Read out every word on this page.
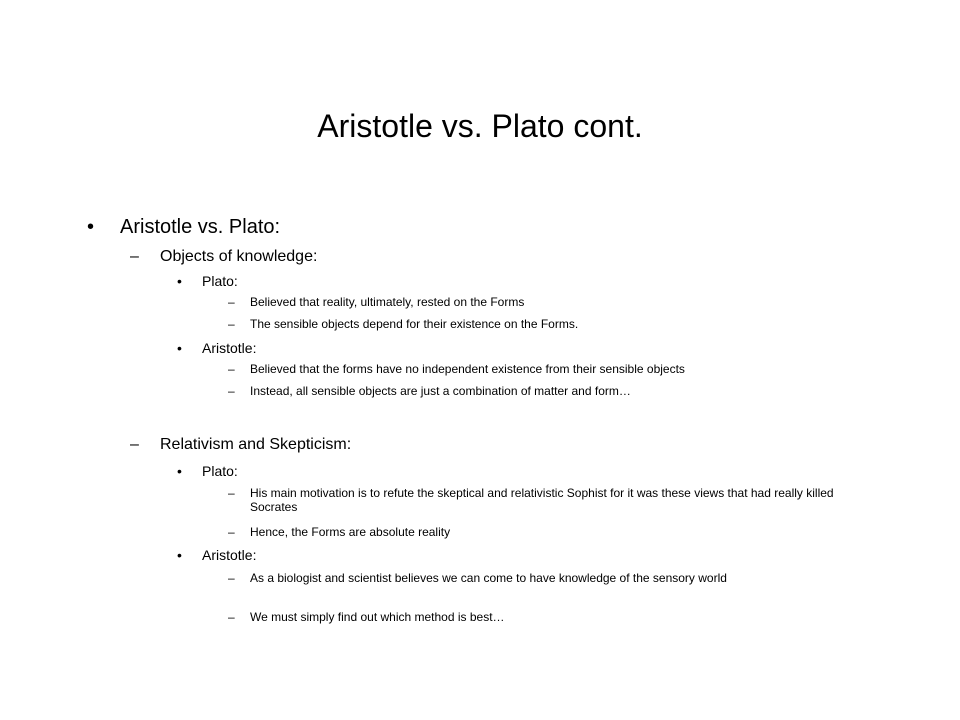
Aristotle vs. Plato cont.
•	Aristotle vs. Plato:
–	Objects of knowledge:
•	Plato:
–	Believed that reality, ultimately, rested on the Forms
–	The sensible objects depend for their existence on the Forms.
•	Aristotle:
–	Believed that the forms have no independent existence from their sensible objects
–	Instead, all sensible objects are just a combination of matter and form…
–	Relativism and Skepticism:
•	Plato:
–	His main motivation is to refute the skeptical and relativistic Sophist for it was these views that had really killed Socrates
–	Hence, the Forms are absolute reality
•	Aristotle:
–	As a biologist and scientist believes we can come to have knowledge of the sensory world
–	We must simply find out which method is best…
